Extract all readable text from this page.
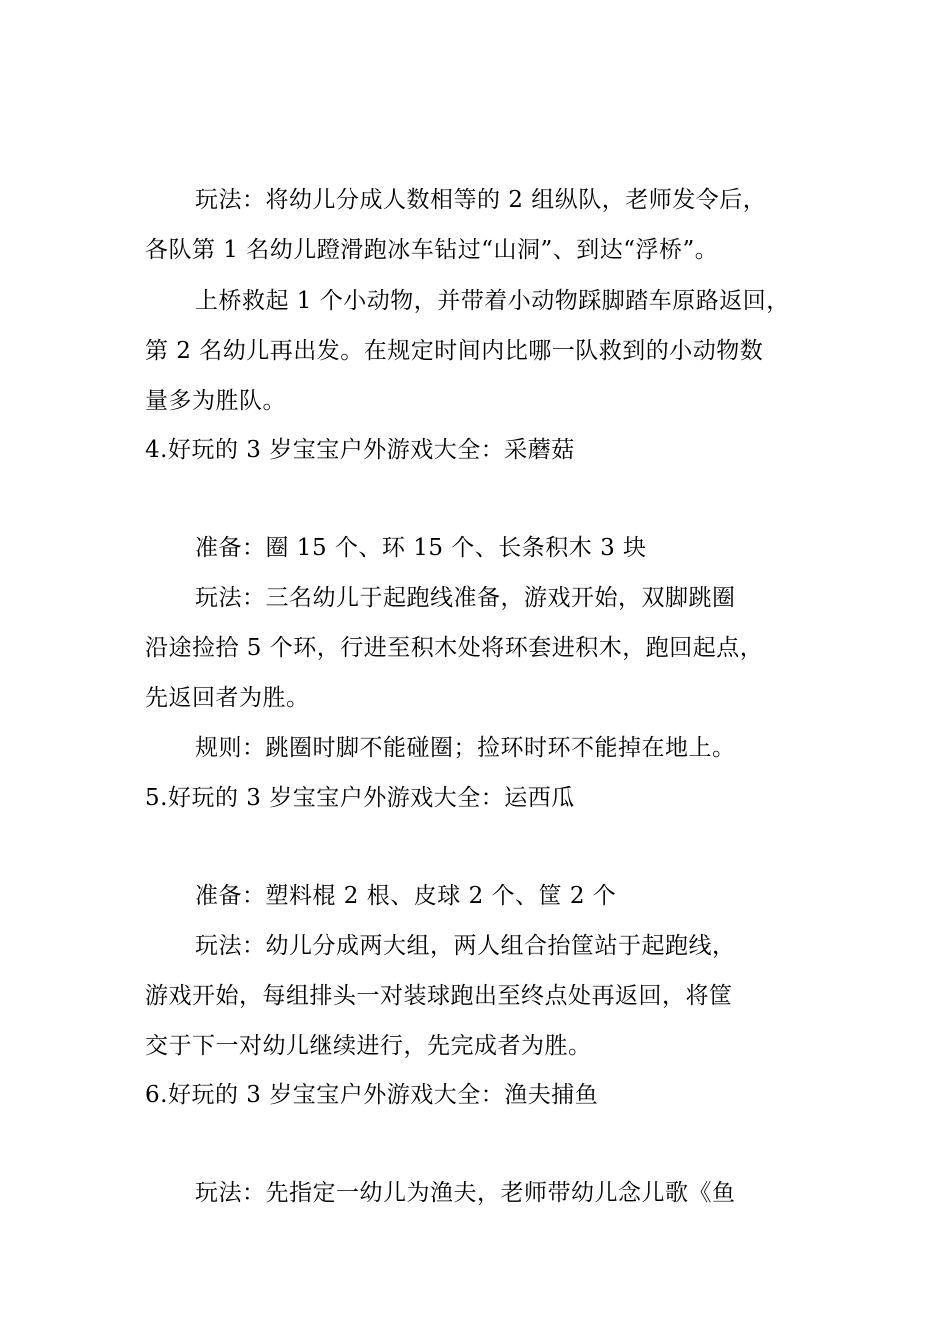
玩法：将幼儿分成人数相等的 2 组纵队，老师发令后，
各队第 1 名幼儿蹬滑跑冰车钻过“山洞”、到达“浮桥”。
上桥救起 1 个小动物，并带着小动物踩脚踏车原路返回，
第 2 名幼儿再出发。在规定时间内比哪一队救到的小动物数
量多为胜队。
4.好玩的 3 岁宝宝户外游戏大全：采蘑菇
准备：圈 15 个、环 15 个、长条积木 3 块
玩法：三名幼儿于起跑线准备，游戏开始，双脚跳圈
沿途捡拾 5 个环，行进至积木处将环套进积木，跑回起点，
先返回者为胜。
规则：跳圈时脚不能碰圈；捡环时环不能掉在地上。
5.好玩的 3 岁宝宝户外游戏大全：运西瓜
准备：塑料棍 2 根、皮球 2 个、筐 2 个
玩法：幼儿分成两大组，两人组合抬筐站于起跑线，
游戏开始，每组排头一对装球跑出至终点处再返回，将筐
交于下一对幼儿继续进行，先完成者为胜。
6.好玩的 3 岁宝宝户外游戏大全：渔夫捕鱼
玩法：先指定一幼儿为渔夫，老师带幼儿念儿歌《鱼
